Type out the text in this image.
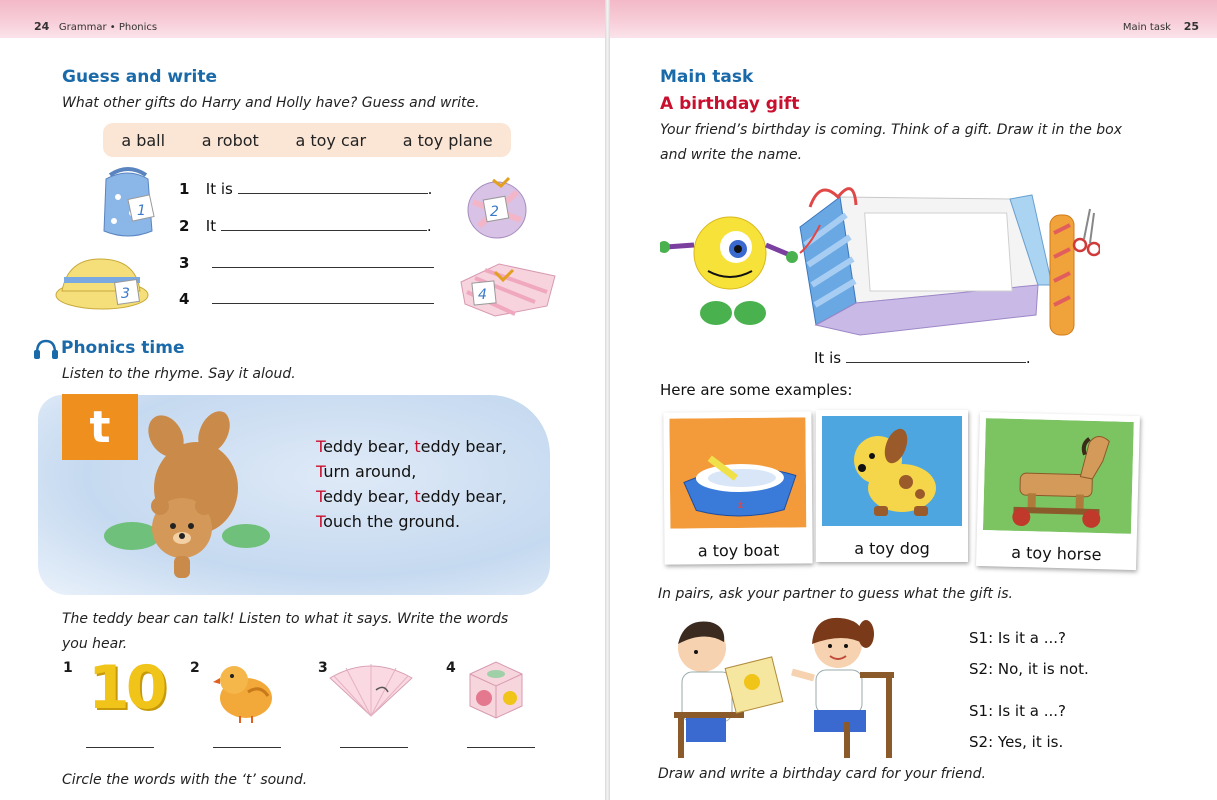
24 Grammar • Phonics
Guess and write
What other gifts do Harry and Holly have? Guess and write.
a ball a robot a toy car a toy plane
1	2
3	4
1 It is	.
2 It	.
3
4
Phonics time
Listen to the rhyme. Say it aloud.
t	Teddy bear, teddy bear,
Turn around,
Teddy bear, teddy bear,
Touch the ground.
The teddy bear can talk! Listen to what it says. Write the words you hear.
1	2	3	4
10
Circle the words with the ‘t’ sound.
Main task 25
Main task
A birthday gift
Your friend’s birthday is coming. Think of a gift. Draw it in the box and write the name.
It is	.
Here are some examples:
⚓
a toy boat	a toy dog	a toy horse
In pairs, ask your partner to guess what the gift is.
S1: Is it a ...?
S2: No, it is not.
S1: Is it a ...?
S2: Yes, it is.
Draw and write a birthday card for your friend.
